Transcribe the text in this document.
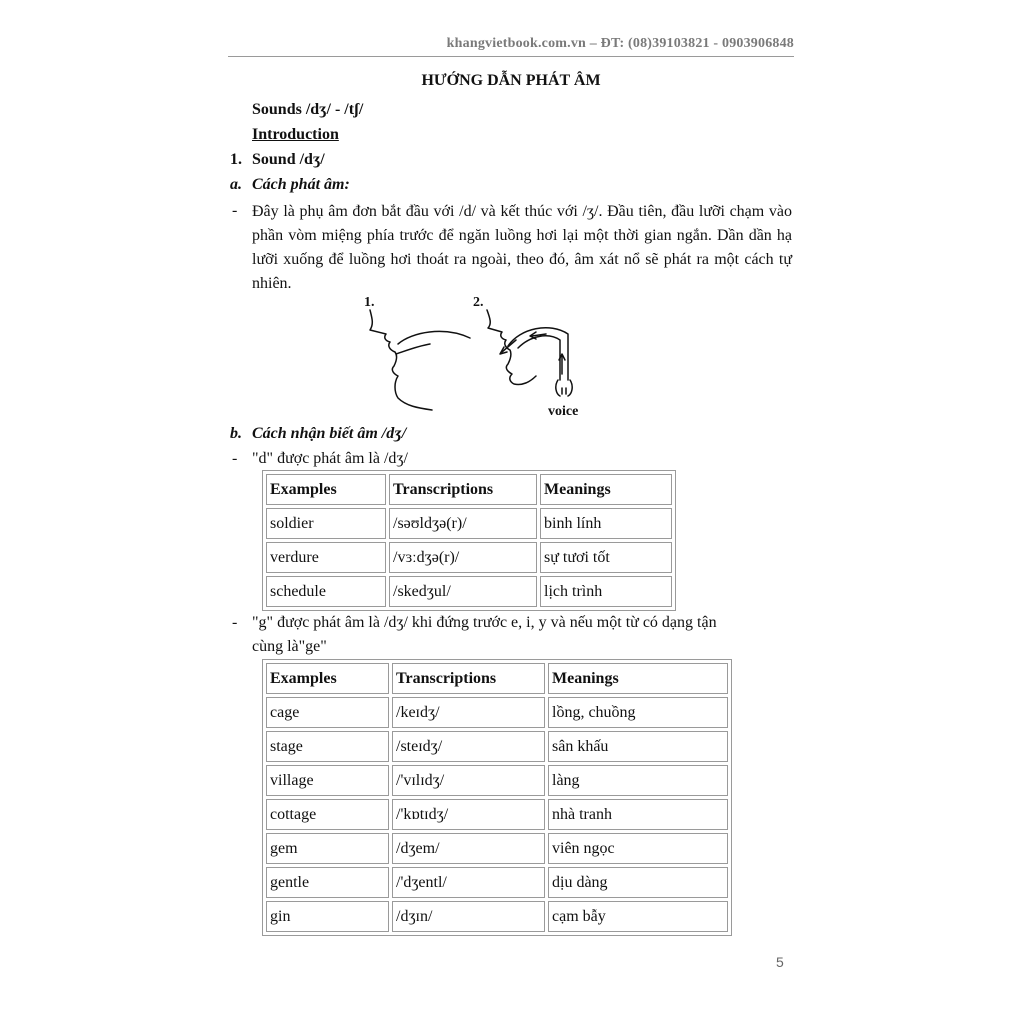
khangvietbook.com.vn – ĐT: (08)39103821 - 0903906848
HƯỚNG DẪN PHÁT ÂM
Sounds /dʒ/ - /tʃ/
Introduction
1. Sound /dʒ/
a. Cách phát âm:
- Đây là phụ âm đơn bắt đầu với /d/ và kết thúc với /ʒ/. Đầu tiên, đầu lưỡi chạm vào phần vòm miệng phía trước để ngăn luồng hơi lại một thời gian ngắn. Dần dần hạ lưỡi xuống để luồng hơi thoát ra ngoài, theo đó, âm xát nổ sẽ phát ra một cách tự nhiên.
1.	2.
voice
b. Cách nhận biết âm /dʒ/
- "d" được phát âm là /dʒ/
Examples	Transcriptions	Meanings
soldier	/səʊldʒə(r)/	binh lính
verdure	/vɜːdʒə(r)/	sự tươi tốt
schedule	/skedʒul/	lịch trình
- "g" được phát âm là /dʒ/ khi đứng trước e, i, y và nếu một từ có dạng tận
cùng là"ge"
Examples	Transcriptions	Meanings
cage	/keɪdʒ/	lồng, chuồng
stage	/steɪdʒ/	sân khấu
village	/'vɪlɪdʒ/	làng
cottage	/'kɒtɪdʒ/	nhà tranh
gem	/dʒem/	viên ngọc
gentle	/'dʒentl/	dịu dàng
gin	/dʒɪn/	cạm bẫy
5
